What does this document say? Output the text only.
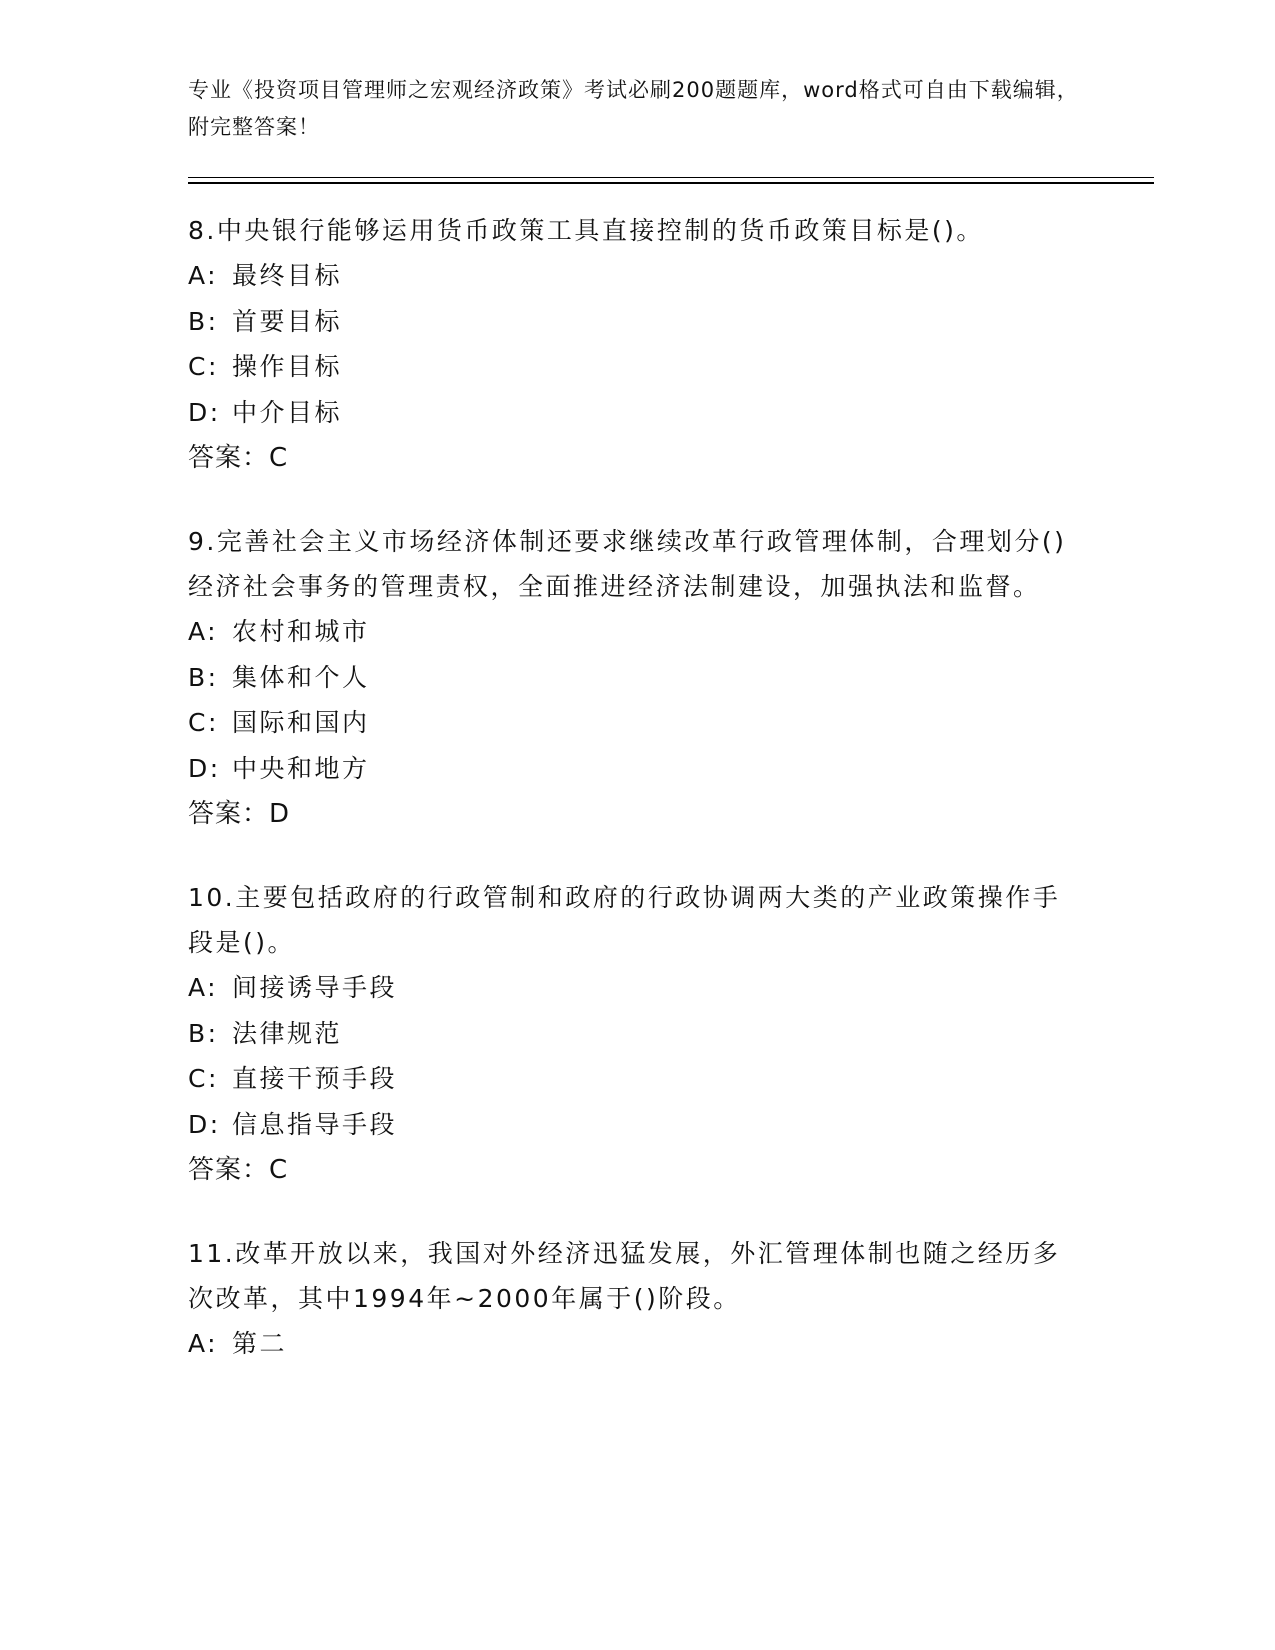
专业《投资项目管理师之宏观经济政策》考试必刷200题题库，word格式可自由下载编辑，附完整答案！
8.中央银行能够运用货币政策工具直接控制的货币政策目标是()。
A: 最终目标
B: 首要目标
C: 操作目标
D: 中介目标
答案：C
9.完善社会主义市场经济体制还要求继续改革行政管理体制，合理划分()经济社会事务的管理责权，全面推进经济法制建设，加强执法和监督。
A: 农村和城市
B: 集体和个人
C: 国际和国内
D: 中央和地方
答案：D
10.主要包括政府的行政管制和政府的行政协调两大类的产业政策操作手段是()。
A: 间接诱导手段
B: 法律规范
C: 直接干预手段
D: 信息指导手段
答案：C
11.改革开放以来，我国对外经济迅猛发展，外汇管理体制也随之经历多次改革，其中1994年~2000年属于()阶段。
A: 第二
